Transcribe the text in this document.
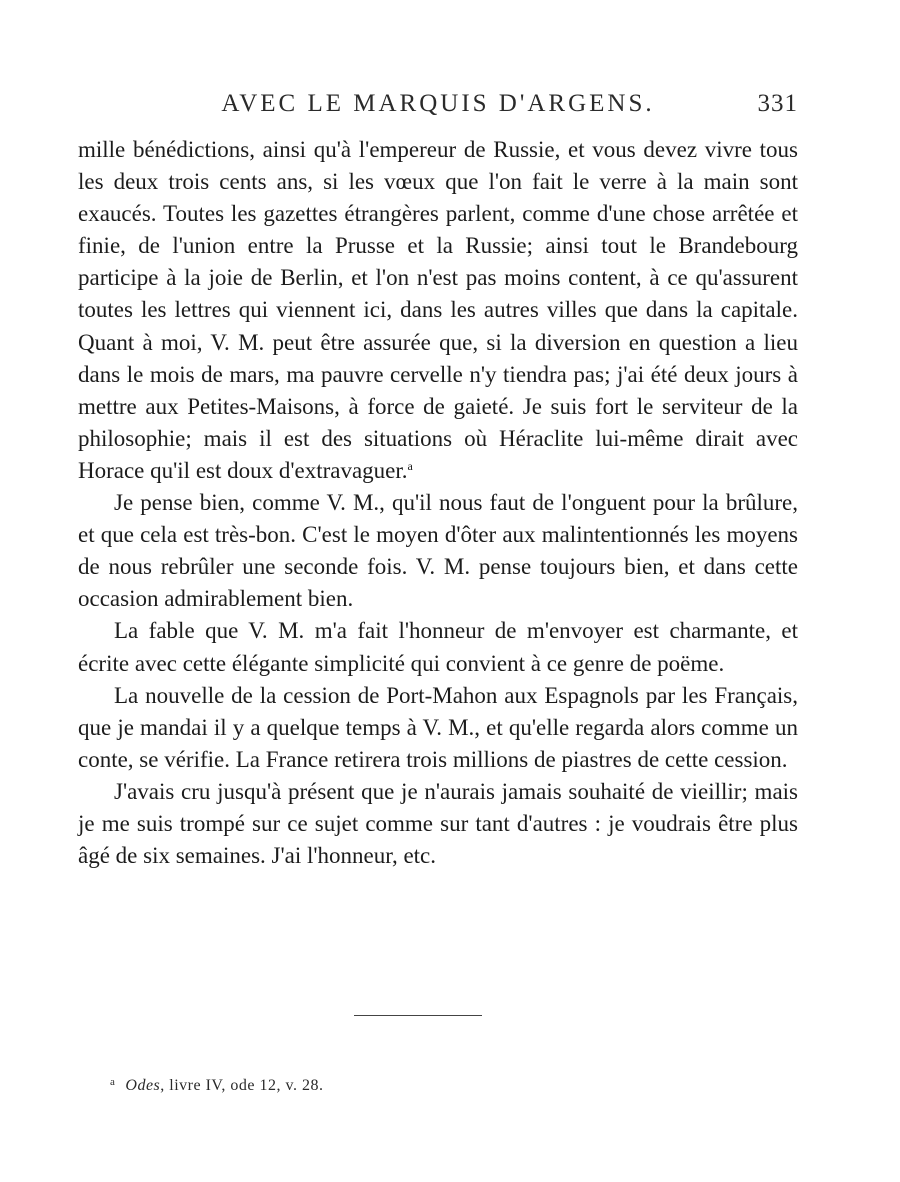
AVEC LE MARQUIS D'ARGENS.	331

mille bénédictions, ainsi qu'à l'empereur de Russie, et vous devez vivre tous les deux trois cents ans, si les vœux que l'on fait le verre à la main sont exaucés. Toutes les gazettes étrangères parlent, comme d'une chose arrêtée et finie, de l'union entre la Prusse et la Russie; ainsi tout le Brandebourg participe à la joie de Berlin, et l'on n'est pas moins content, à ce qu'assurent toutes les lettres qui viennent ici, dans les autres villes que dans la capitale. Quant à moi, V. M. peut être assurée que, si la diversion en question a lieu dans le mois de mars, ma pauvre cervelle n'y tiendra pas; j'ai été deux jours à mettre aux Petites-Maisons, à force de gaieté. Je suis fort le serviteur de la philosophie; mais il est des situations où Héraclite lui-même dirait avec Horace qu'il est doux d'extravaguer.$^a$

Je pense bien, comme V. M., qu'il nous faut de l'onguent pour la brûlure, et que cela est très-bon. C'est le moyen d'ôter aux malintentionnés les moyens de nous rebrûler une seconde fois. V. M. pense toujours bien, et dans cette occasion admirablement bien.

La fable que V. M. m'a fait l'honneur de m'envoyer est charmante, et écrite avec cette élégante simplicité qui convient à ce genre de poëme.

La nouvelle de la cession de Port-Mahon aux Espagnols par les Français, que je mandai il y a quelque temps à V. M., et qu'elle regarda alors comme un conte, se vérifie. La France retirera trois millions de piastres de cette cession.

J'avais cru jusqu'à présent que je n'aurais jamais souhaité de vieillir; mais je me suis trompé sur ce sujet comme sur tant d'autres : je voudrais être plus âgé de six semaines. J'ai l'honneur, etc.

$^a$ Odes, livre IV, ode 12, v. 28.
